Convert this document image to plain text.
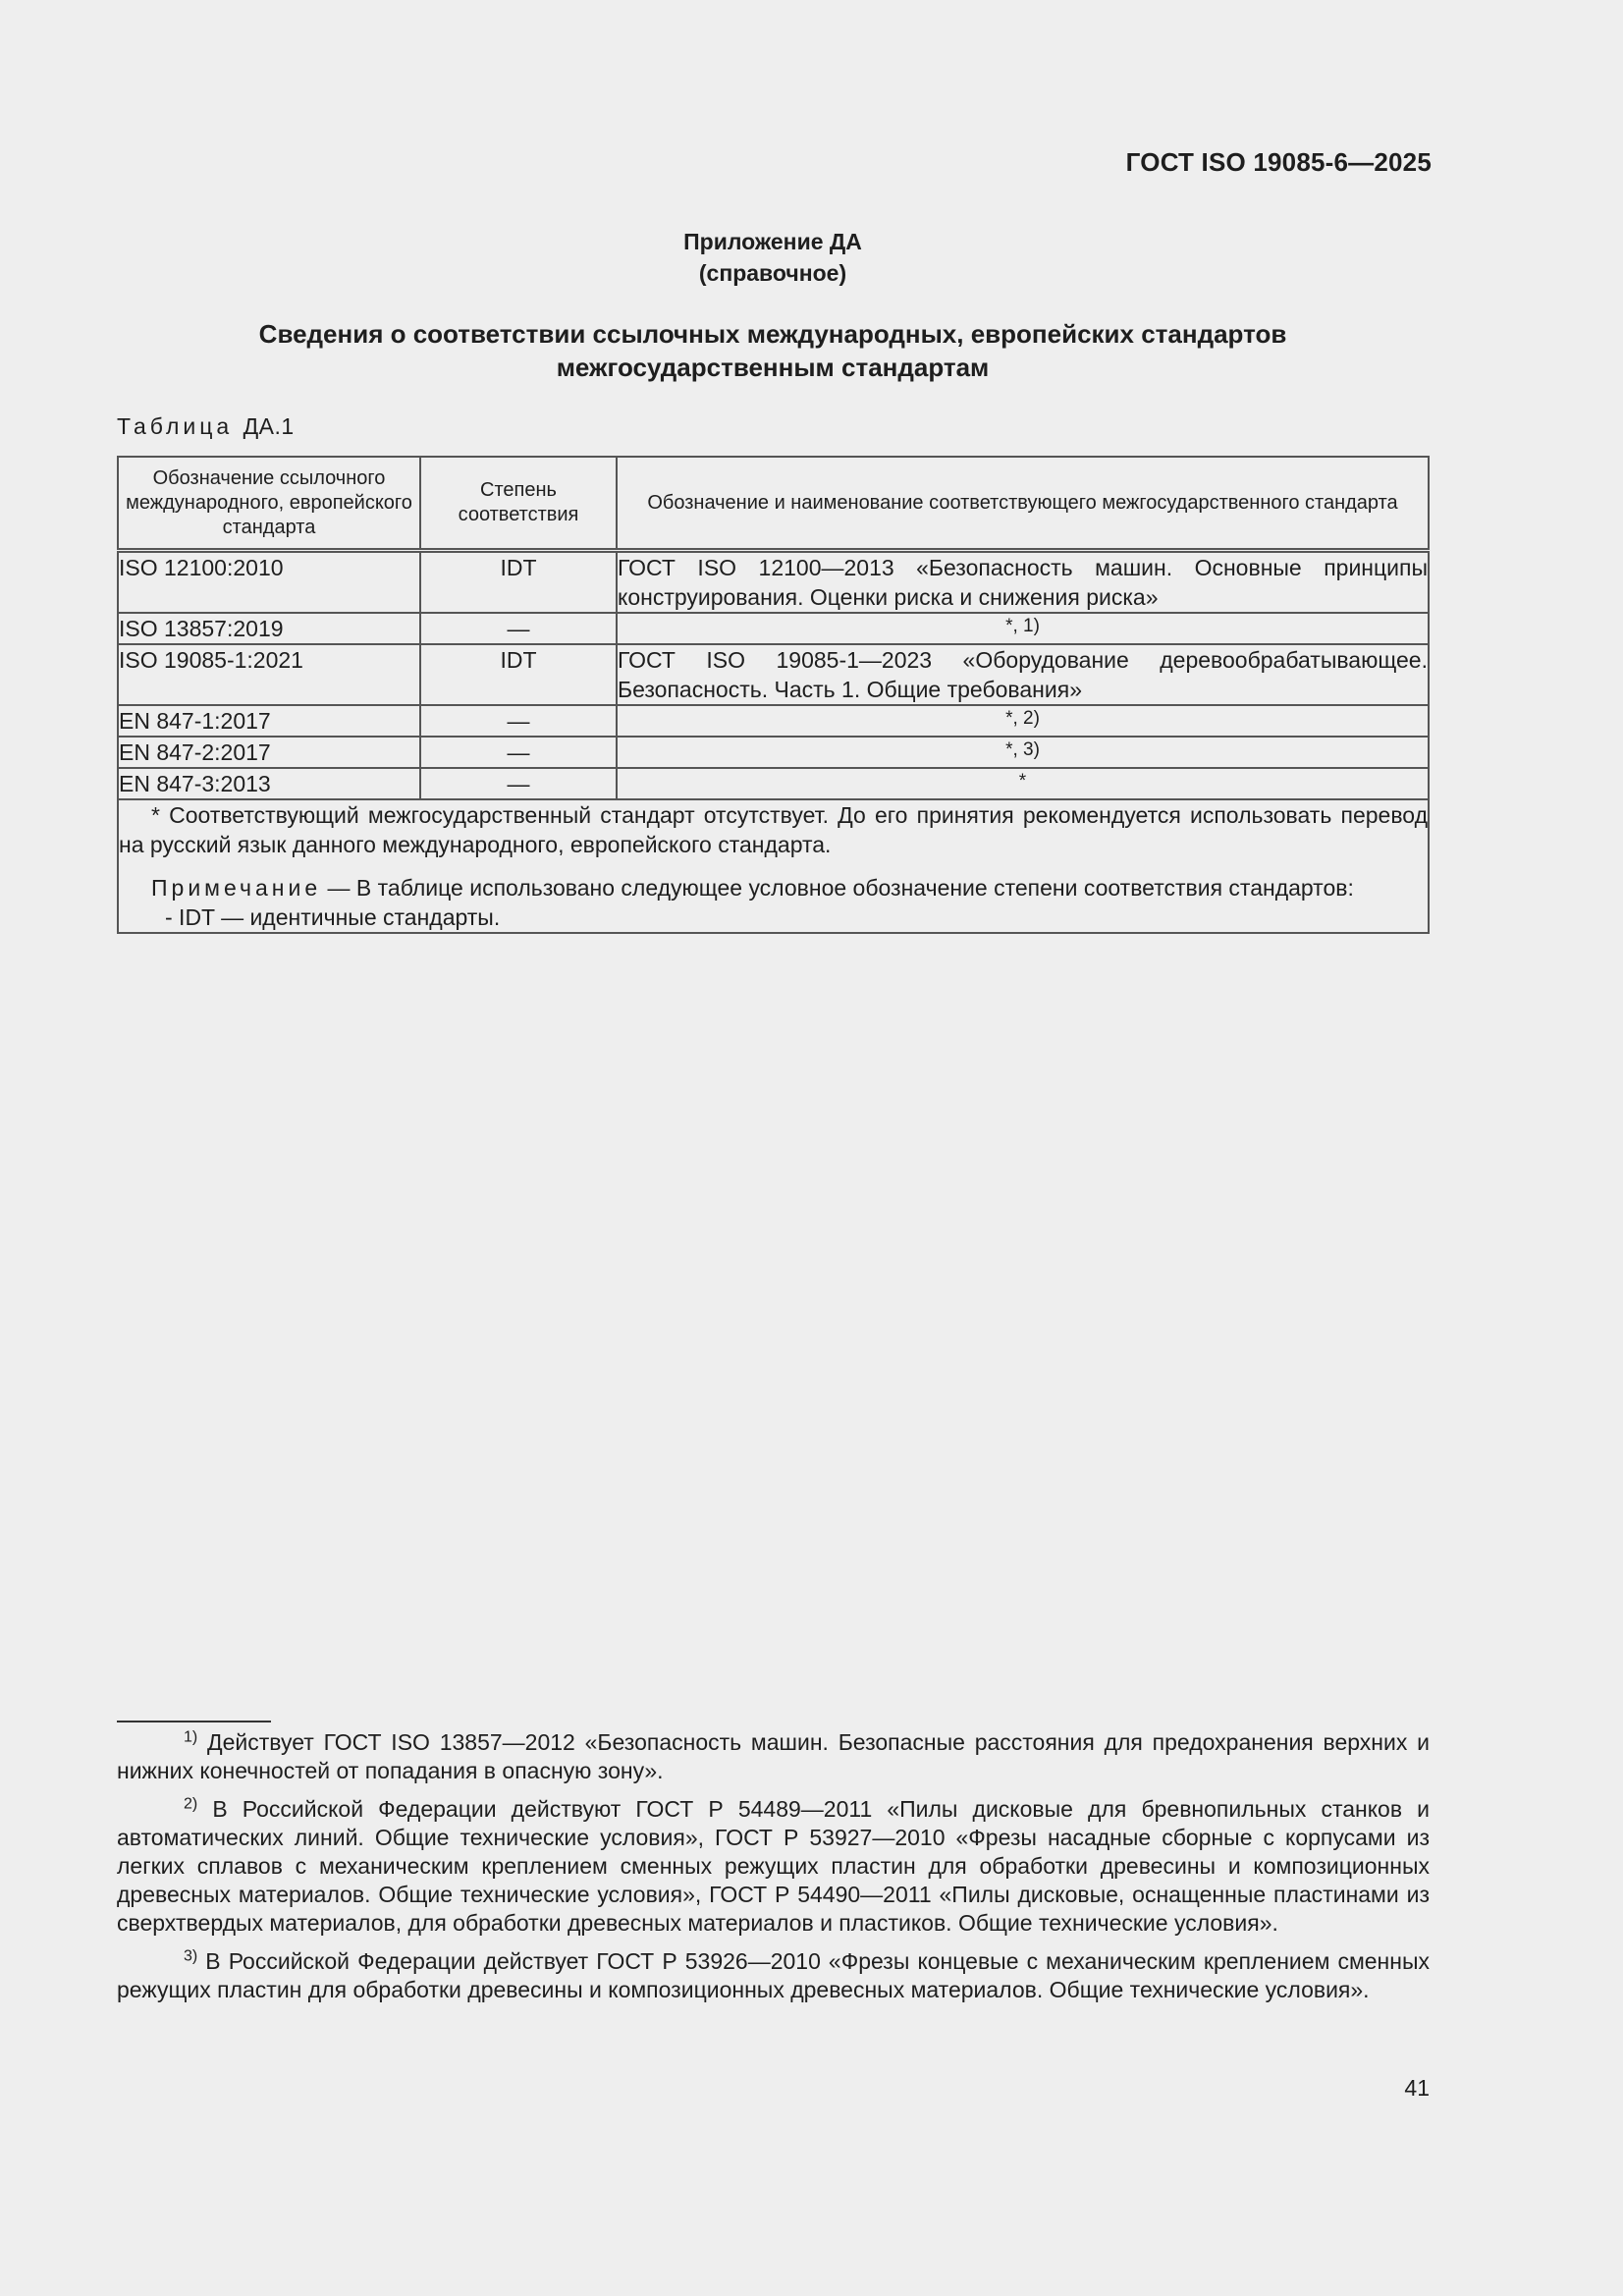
ГОСТ ISO 19085-6—2025
Приложение ДА
(справочное)
Сведения о соответствии ссылочных международных, европейских стандартов
межгосударственным стандартам
Таблица ДА.1
Обозначение ссылочного международного, европейского стандарта	Степень соответствия	Обозначение и наименование соответствующего межгосударственного стандарта
ISO 12100:2010	IDT	ГОСТ ISO 12100—2013 «Безопасность машин. Основные принципы конструирования. Оценки риска и снижения риска»
ISO 13857:2019	—	*, 1)
ISO 19085-1:2021	IDT	ГОСТ ISO 19085-1—2023 «Оборудование деревообрабатывающее. Безопасность. Часть 1. Общие требования»
EN 847-1:2017	—	*, 2)
EN 847-2:2017	—	*, 3)
EN 847-3:2013	—	*

* Соответствующий межгосударственный стандарт отсутствует. До его принятия рекомендуется использовать перевод на русский язык данного международного, европейского стандарта.

Примечание — В таблице использовано следующее условное обозначение степени соответствия стандартов:

- IDT — идентичные стандарты.		

$^{1)}$ Действует ГОСТ ISO 13857—2012 «Безопасность машин. Безопасные расстояния для предохранения верхних и нижних конечностей от попадания в опасную зону».

$^{2)}$ В Российской Федерации действуют ГОСТ Р 54489—2011 «Пилы дисковые для бревнопильных станков и автоматических линий. Общие технические условия», ГОСТ Р 53927—2010 «Фрезы насадные сборные с корпусами из легких сплавов с механическим креплением сменных режущих пластин для обработки древесины и композиционных древесных материалов. Общие технические условия», ГОСТ Р 54490—2011 «Пилы дисковые, оснащенные пластинами из сверхтвердых материалов, для обработки древесных материалов и пластиков. Общие технические условия».

$^{3)}$ В Российской Федерации действует ГОСТ Р 53926—2010 «Фрезы концевые с механическим креплением сменных режущих пластин для обработки древесины и композиционных древесных материалов. Общие технические условия».

41
